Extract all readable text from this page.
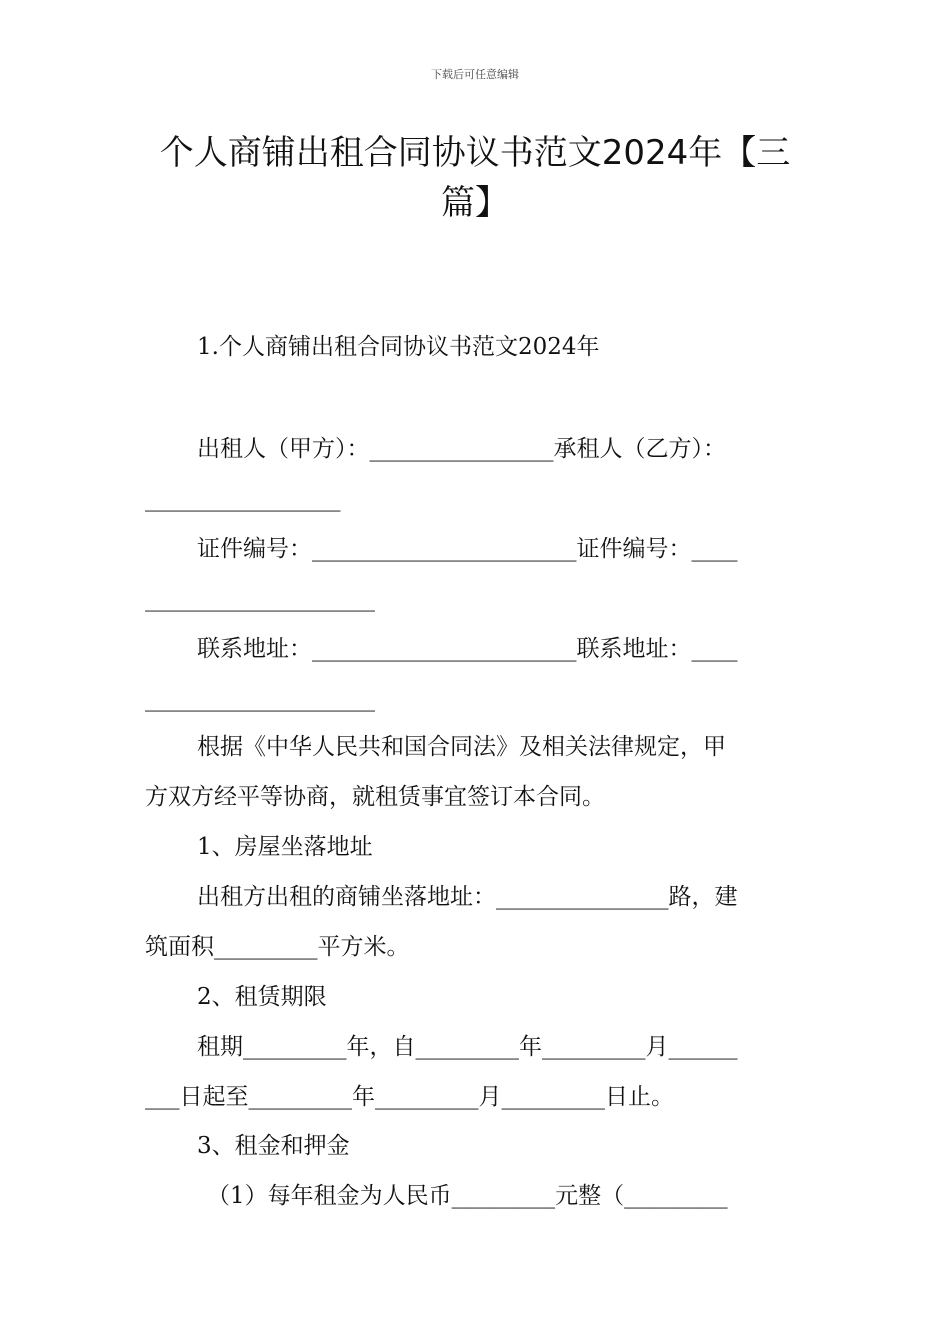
下载后可任意编辑
个人商铺出租合同协议书范文2024年【三篇】

1.个人商铺出租合同协议书范文2024年

出租人（甲方）：________________承租人（乙方）：

_________________

证件编号：_______________________证件编号：____

____________________

联系地址：_______________________联系地址：____

____________________

根据《中华人民共和国合同法》及相关法律规定，甲

方双方经平等协商，就租赁事宜签订本合同。

1、房屋坐落地址

出租方出租的商铺坐落地址：_______________路，建

筑面积_________平方米。

2、租赁期限

租期_________年，自_________年_________月______

___日起至_________年_________月_________日止。

3、租金和押金

（1）每年租金为人民币_________元整（_________
